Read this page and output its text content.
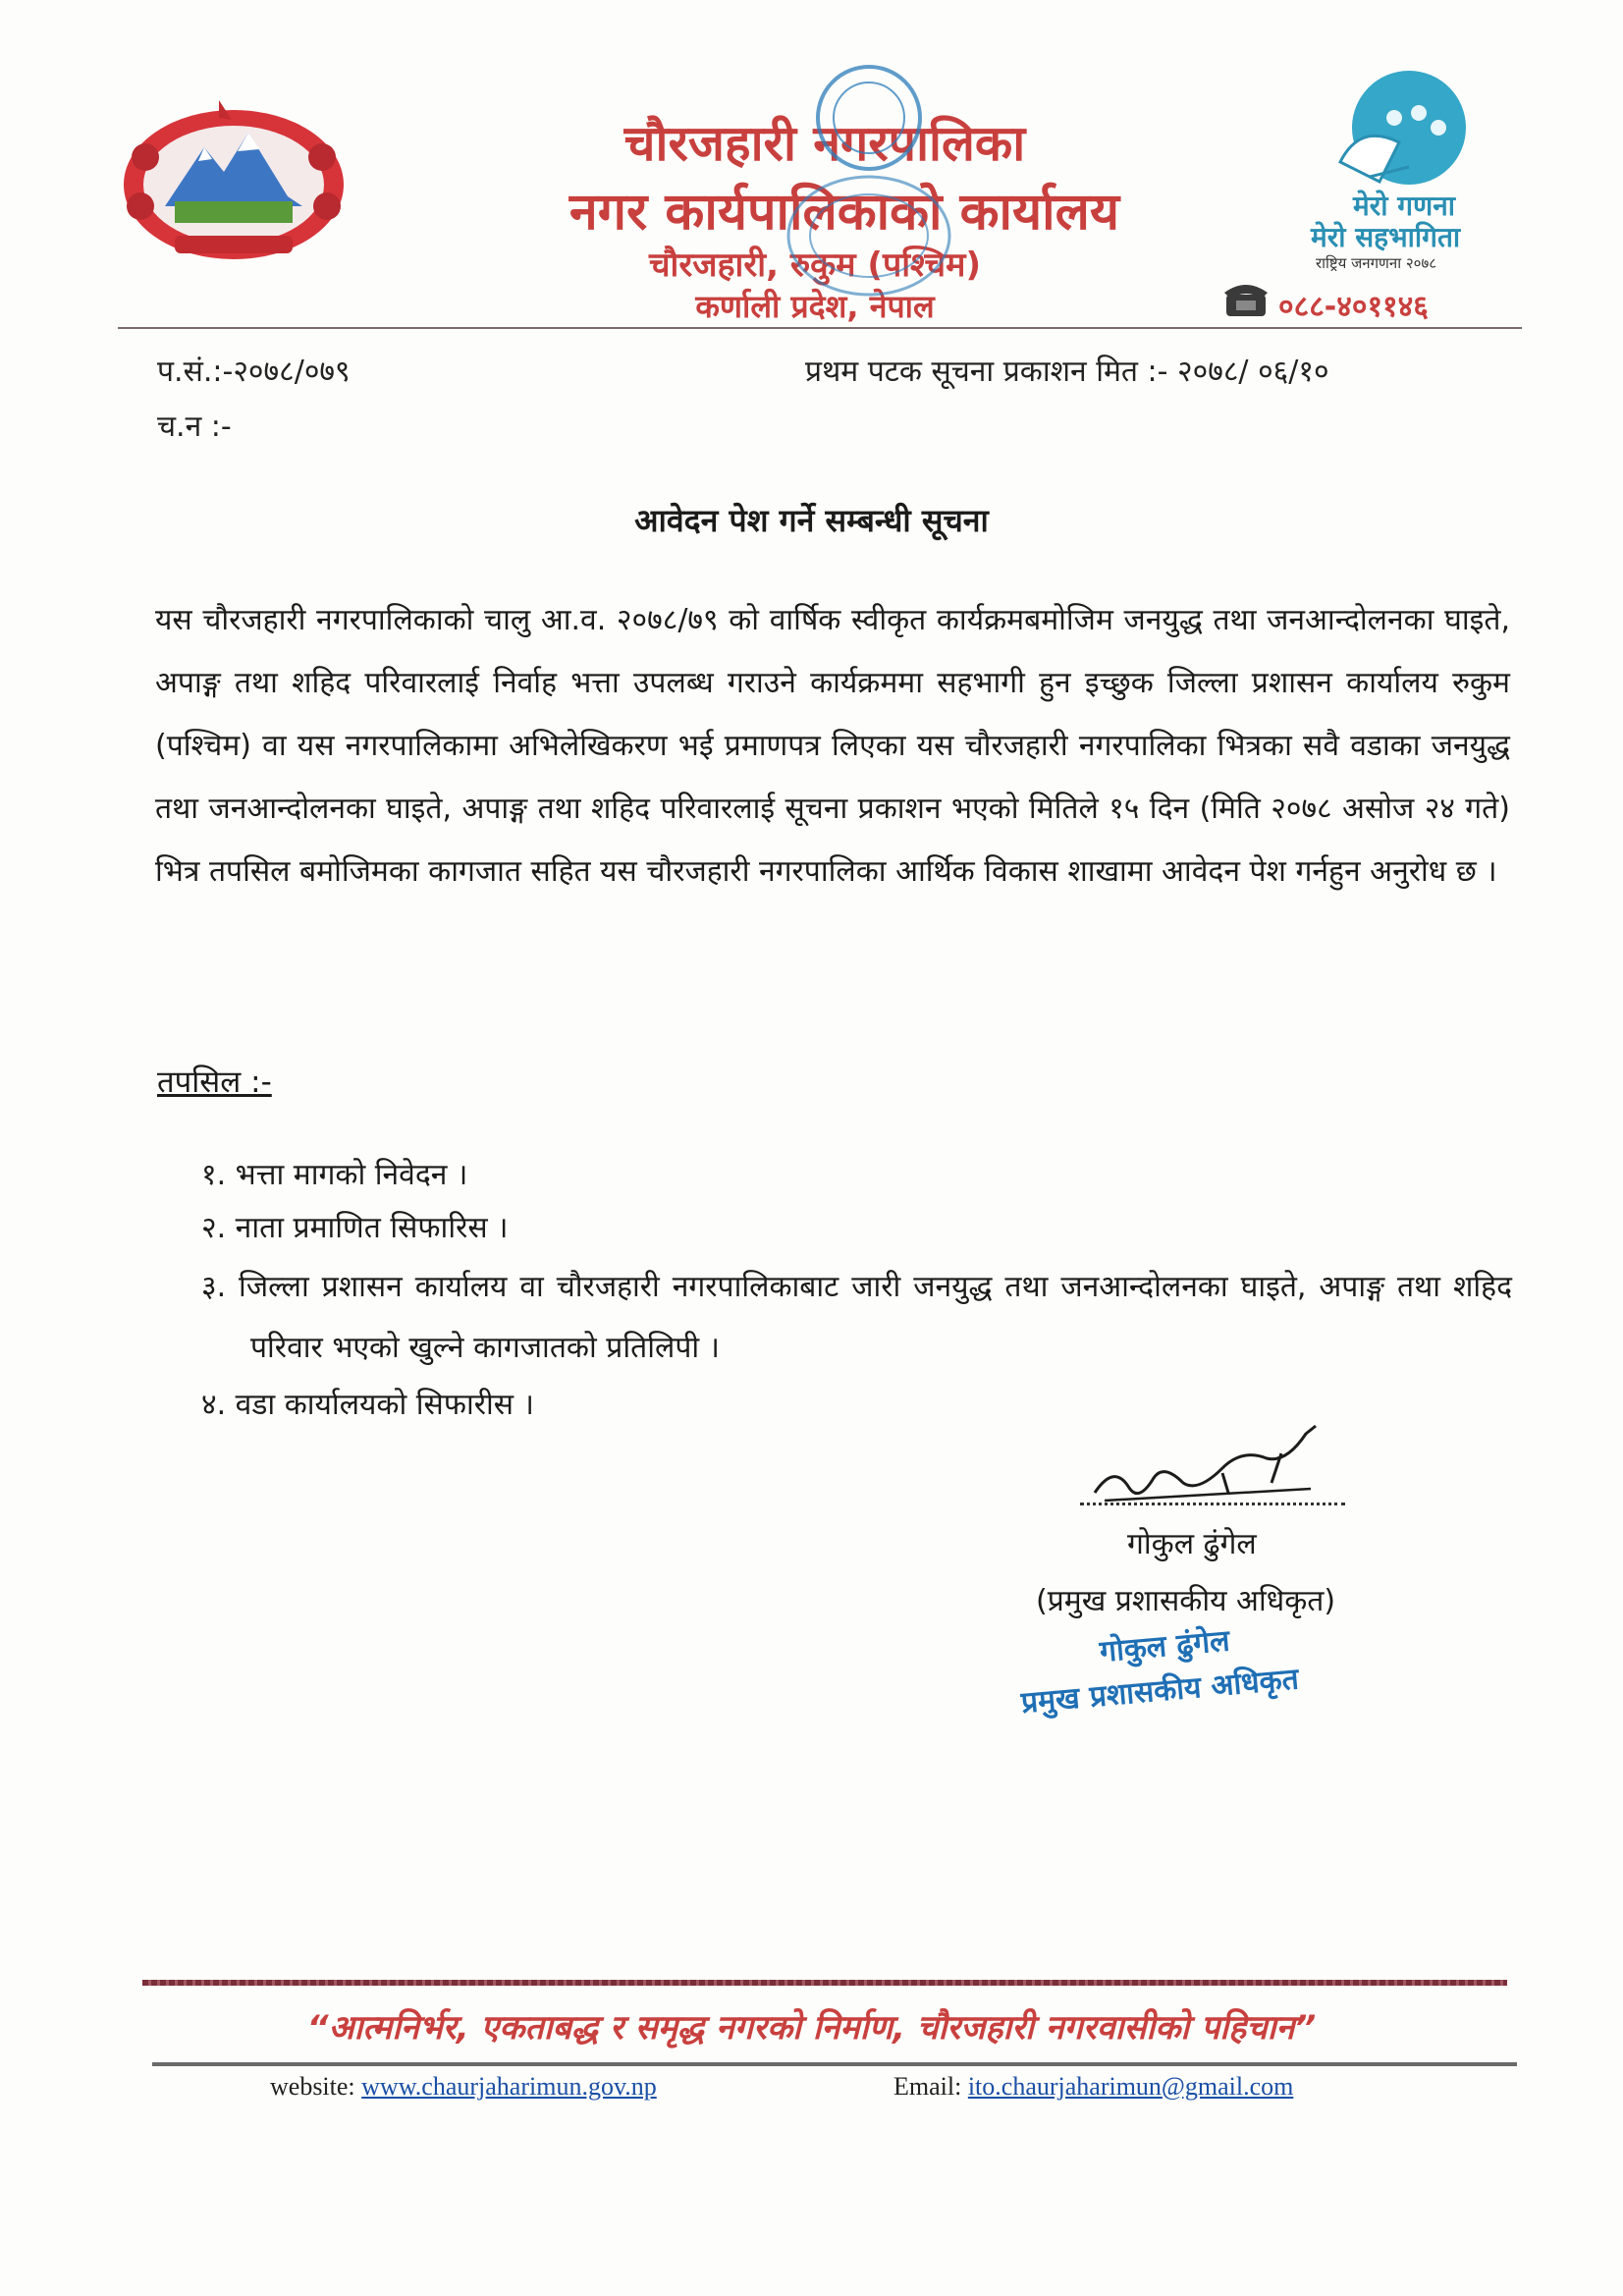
चौरजहारी नगरपालिका
नगर कार्यपालिकाको कार्यालय
चौरजहारी, रुकुम (पश्चिम)
कर्णाली प्रदेश, नेपाल
मेरो गणना
मेरो सहभागिता
राष्ट्रिय जनगणना २०७८
०८८-४०११४६
प.सं.:-२०७८/०७९
च.न :-
प्रथम पटक सूचना प्रकाशन मित :- २०७८/ ०६/१०
आवेदन पेश गर्ने सम्बन्धी सूचना
यस चौरजहारी नगरपालिकाको चालु आ.व. २०७८/७९ को वार्षिक स्वीकृत कार्यक्रमबमोजिम जनयुद्ध तथा जनआन्दोलनका घाइते, अपाङ्ग तथा शहिद परिवारलाई निर्वाह भत्ता उपलब्ध गराउने कार्यक्रममा सहभागी हुन इच्छुक जिल्ला प्रशासन कार्यालय रुकुम (पश्चिम) वा यस नगरपालिकामा अभिलेखिकरण भई प्रमाणपत्र लिएका यस चौरजहारी नगरपालिका भित्रका सवै वडाका जनयुद्ध तथा जनआन्दोलनका घाइते, अपाङ्ग तथा शहिद परिवारलाई सूचना प्रकाशन भएको मितिले १५ दिन (मिति २०७८ असोज २४ गते) भित्र तपसिल बमोजिमका कागजात सहित यस चौरजहारी नगरपालिका आर्थिक विकास शाखामा आवेदन पेश गर्नहुन अनुरोध छ ।
तपसिल :-
१. भत्ता मागको निवेदन ।
२. नाता प्रमाणित सिफारिस ।
३. जिल्ला प्रशासन कार्यालय वा चौरजहारी नगरपालिकाबाट जारी जनयुद्ध तथा जनआन्दोलनका घाइते, अपाङ्ग तथा शहिद परिवार भएको खुल्ने कागजातको प्रतिलिपी ।
४. वडा कार्यालयको सिफारीस ।
गोकुल ढुंगेल
(प्रमुख प्रशासकीय अधिकृत)
गोकुल ढुंगेल
प्रमुख प्रशासकीय अधिकृत
“आत्मनिर्भर, एकताबद्ध र समृद्ध नगरको निर्माण, चौरजहारी नगरवासीको पहिचान”
website: www.chaurjaharimun.gov.np	Email: ito.chaurjaharimun@gmail.com
